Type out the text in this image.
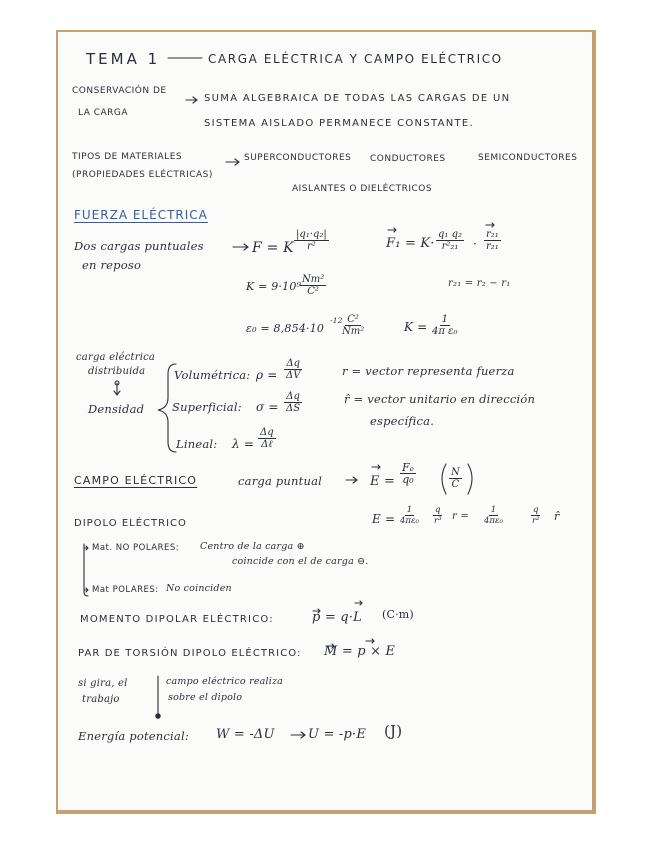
TEMA 1	CARGA ELÉCTRICA Y CAMPO ELÉCTRICO
CONSERVACIÓN DE
LA CARGA
SUMA ALGEBRAICA DE TODAS LAS CARGAS DE UN
SISTEMA AISLADO PERMANECE CONSTANTE.
TIPOS DE MATERIALES
(PROPIEDADES ELÉCTRICAS)
SUPERCONDUCTORES CONDUCTORES	SEMICONDUCTORES
AISLANTES O DIELÉCTRICOS
FUERZA ELÉCTRICA
Dos cargas puntuales
en reposo
F = K $\frac{\text{|q₁·q₂|}}{\text{r²}}$	$F_1 = K\cdot \frac{\text{q₁ q₂}}{\text{r²₂₁}} \cdot \frac{\text{r₂₁}}{\text{r₂₁}}$
K = 9·10⁹
$\frac{\text{Nm²}}{\text{C²}}$	r₂₁ = r₂ − r₁
ε₀ = 8,854·10
-12
$\frac{\text{C²}}{\text{Nm²}}$	$K = \frac{1}{\text{4π ε₀}}$
carga eléctrica
distribuida
Densidad
Volumétrica: $\rho = \frac{\Delta q}{\Delta V}$
Superficial: $\sigma = \frac{\Delta q}{\Delta S}$
Lineal: λ =
Δq
Δℓ
r = vector representa fuerza
r̂ = vector unitario en dirección
específica.
CAMPO ELÉCTRICO	carga puntual	$E = \frac{\text{Fₑ}}{\text{q₀}}$	$\frac{N}{C}$
$E = \frac{1}{\text{4πε₀}} \frac{q}{\text{r³}}$ $r = \frac{1}{\text{4πε₀}}$	$\frac{q}{\text{r²}}$ r̂
DIPOLO ELÉCTRICO
Mat. NO POLARES: Centro de la carga ⊕
coincide con el de carga ⊖.
Mat POLARES: No coinciden
MOMENTO DIPOLAR ELÉCTRICO:	p = q·L (C·m)
PAR DE TORSIÓN DIPOLO ELÉCTRICO: M = p × E
si gira, el
trabajo
campo eléctrico realiza
sobre el dipolo
Energía potencial: W = -ΔU	U = -p·E (J)
